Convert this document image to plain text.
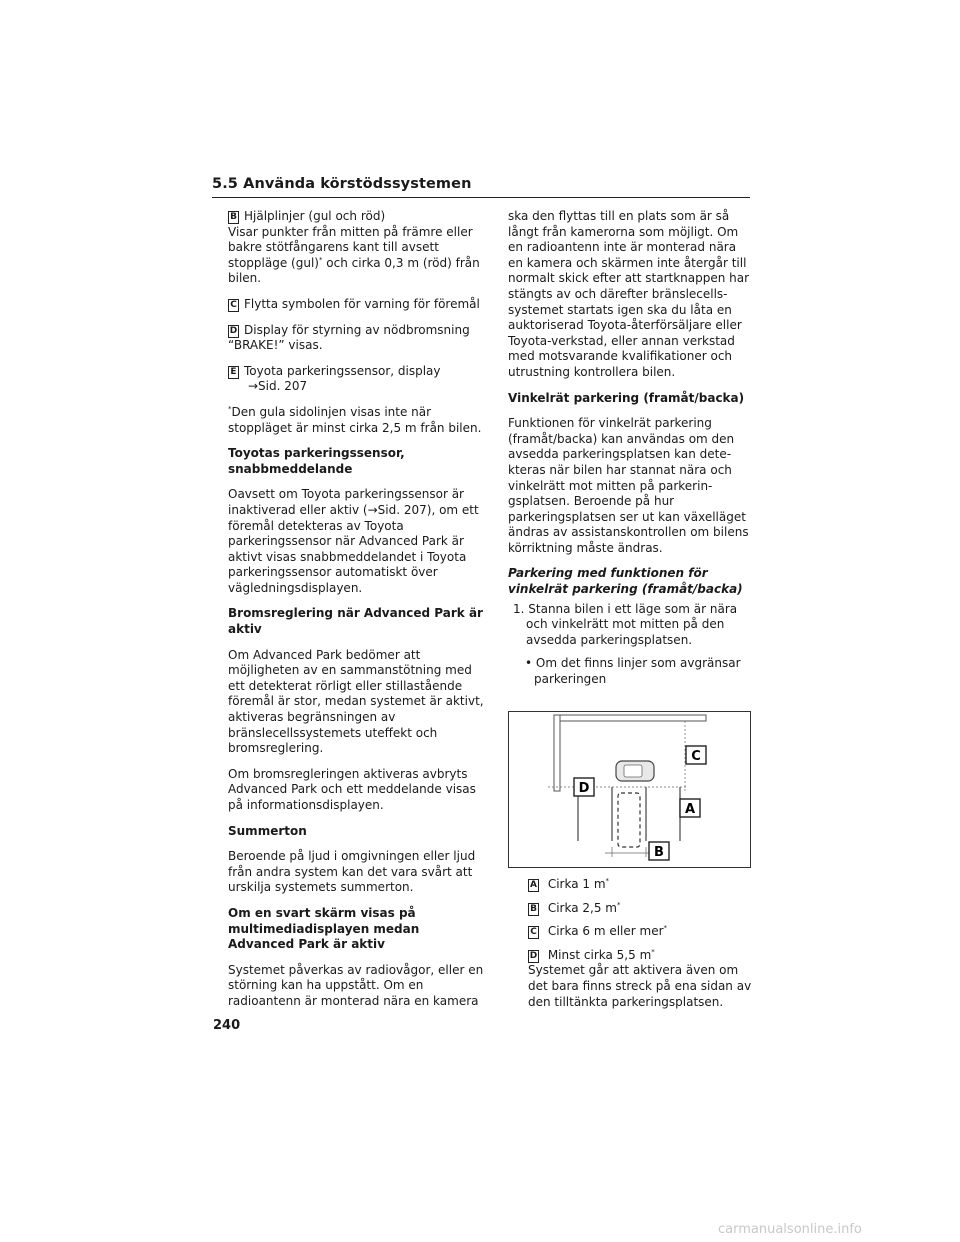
5.5 Använda körstödssystemen
B Hjälplinjer (gul och röd)
Visar punkter från mitten på främre eller bakre stötfångarens kant till avsett stoppläge (gul)* och cirka 0,3 m (röd) från bilen.
C Flytta symbolen för varning för föremål
D Display för styrning av nödbromsning
“BRAKE!” visas.
E Toyota parkeringssensor, display
→Sid. 207

*Den gula sidolinjen visas inte när stoppläget är minst cirka 2,5 m från bilen.

Toyotas parkeringssensor, snabbmeddelande

Oavsett om Toyota parkeringssensor är inaktiverad eller aktiv (→Sid. 207), om ett föremål detekteras av Toyota parkeringssensor när Advanced Park är aktivt visas snabbmeddelandet i Toyota parkeringssensor automatiskt över vägledningsdisplayen.

Bromsreglering när Advanced Park är aktiv

Om Advanced Park bedömer att möjligheten av en sammanstötning med ett detekterat rörligt eller stillastående föremål är stor, medan systemet är aktivt, aktiveras begränsningen av bränslecellssystemets uteffekt och bromsreglering.

Om bromsregleringen aktiveras avbryts Advanced Park och ett meddelande visas på informationsdisplayen.

Summerton

Beroende på ljud i omgivningen eller ljud från andra system kan det vara svårt att urskilja systemets summerton.

Om en svart skärm visas på multimediadisplayen medan Advanced Park är aktiv

Systemet påverkas av radiovågor, eller en störning kan ha uppstått. Om en radioantenn är monterad nära en kamera

ska den flyttas till en plats som är så långt från kamerorna som möjligt. Om en radioantenn inte är monterad nära en kamera och skärmen inte återgår till normalt skick efter att startknappen har stängts av och därefter bränslecells-systemet startats igen ska du låta en auktoriserad Toyota-återförsäljare eller Toyota-verkstad, eller annan verkstad med motsvarande kvalifikationer och utrustning kontrollera bilen.

Vinkelrät parkering (framåt/backa)

Funktionen för vinkelrät parkering (framåt/backa) kan användas om den avsedda parkeringsplatsen kan dete-kteras när bilen har stannat nära och vinkelrätt mot mitten på parkerin-gsplatsen. Beroende på hur parkeringsplatsen ser ut kan växelläget ändras av assistanskontrollen om bilens körriktning måste ändras.

Parkering med funktionen för vinkelrät parkering (framåt/backa)
1. Stanna bilen i ett läge som är nära och vinkelrätt mot mitten på den avsedda parkeringsplatsen.
• Om det finns linjer som avgränsar parkeringen
C
D
A
B
A Cirka 1 m*
B Cirka 2,5 m*
C Cirka 6 m eller mer*
D Minst cirka 5,5 m*
Systemet går att aktivera även om det bara finns streck på ena sidan av den tilltänkta parkeringsplatsen.
240
carmanualsonline.info
